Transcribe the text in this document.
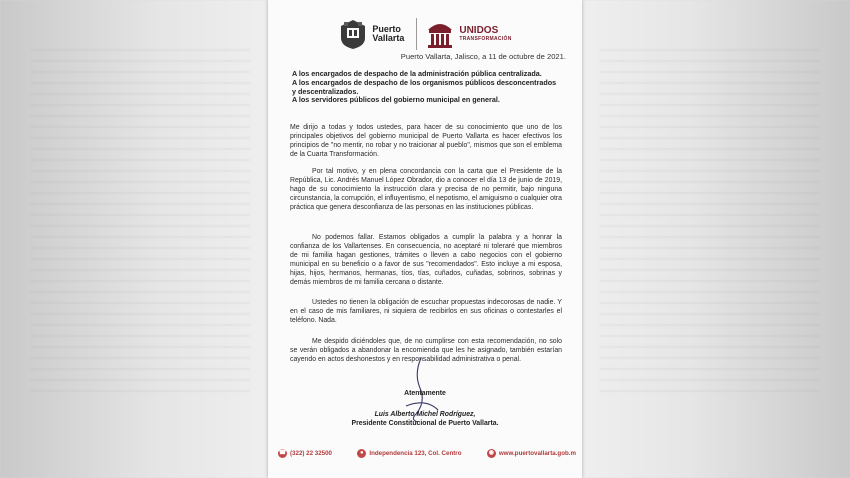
Puerto Vallarta
UNIDOS
TRANSFORMACIÓN
Puerto Vallarta, Jalisco, a 11 de octubre de 2021.
A los encargados de despacho de la administración pública centralizada.
A los encargados de despacho de los organismos públicos desconcentrados y descentralizados.
A los servidores públicos del gobierno municipal en general.
Me dirijo a todas y todos ustedes, para hacer de su conocimiento que uno de los principales objetivos del gobierno municipal de Puerto Vallarta es hacer efectivos los principios de "no mentir, no robar y no traicionar al pueblo", mismos que son el emblema de la Cuarta Transformación.
Por tal motivo, y en plena concordancia con la carta que el Presidente de la República, Lic. Andrés Manuel López Obrador, dio a conocer el día 13 de junio de 2019, hago de su conocimiento la instrucción clara y precisa de no permitir, bajo ninguna circunstancia, la corrupción, el influyentismo, el nepotismo, el amiguismo o cualquier otra práctica que genera desconfianza de las personas en las instituciones públicas.
No podemos fallar. Estamos obligados a cumplir la palabra y a honrar la confianza de los Vallartenses. En consecuencia, no aceptaré ni toleraré que miembros de mi familia hagan gestiones, trámites o lleven a cabo negocios con el gobierno municipal en su beneficio o a favor de sus "recomendados". Esto incluye a mi esposa, hijas, hijos, hermanos, hermanas, tíos, tías, cuñados, cuñadas, sobrinos, sobrinas y demás miembros de mi familia cercana o distante.
Ustedes no tienen la obligación de escuchar propuestas indecorosas de nadie. Y en el caso de mis familiares, ni siquiera de recibirlos en sus oficinas o contestarles el teléfono. Nada.
Me despido diciéndoles que, de no cumplirse con esta recomendación, no solo se verán obligados a abandonar la encomienda que les he asignado, también estarían cayendo en actos deshonestos y en responsabilidad administrativa o penal.
Atentamente
Luis Alberto Michel Rodríguez,
Presidente Constitucional de Puerto Vallarta.
☎ (322) 22 32500	● Independencia 123, Col. Centro	◉ www.puertovallarta.gob.m
